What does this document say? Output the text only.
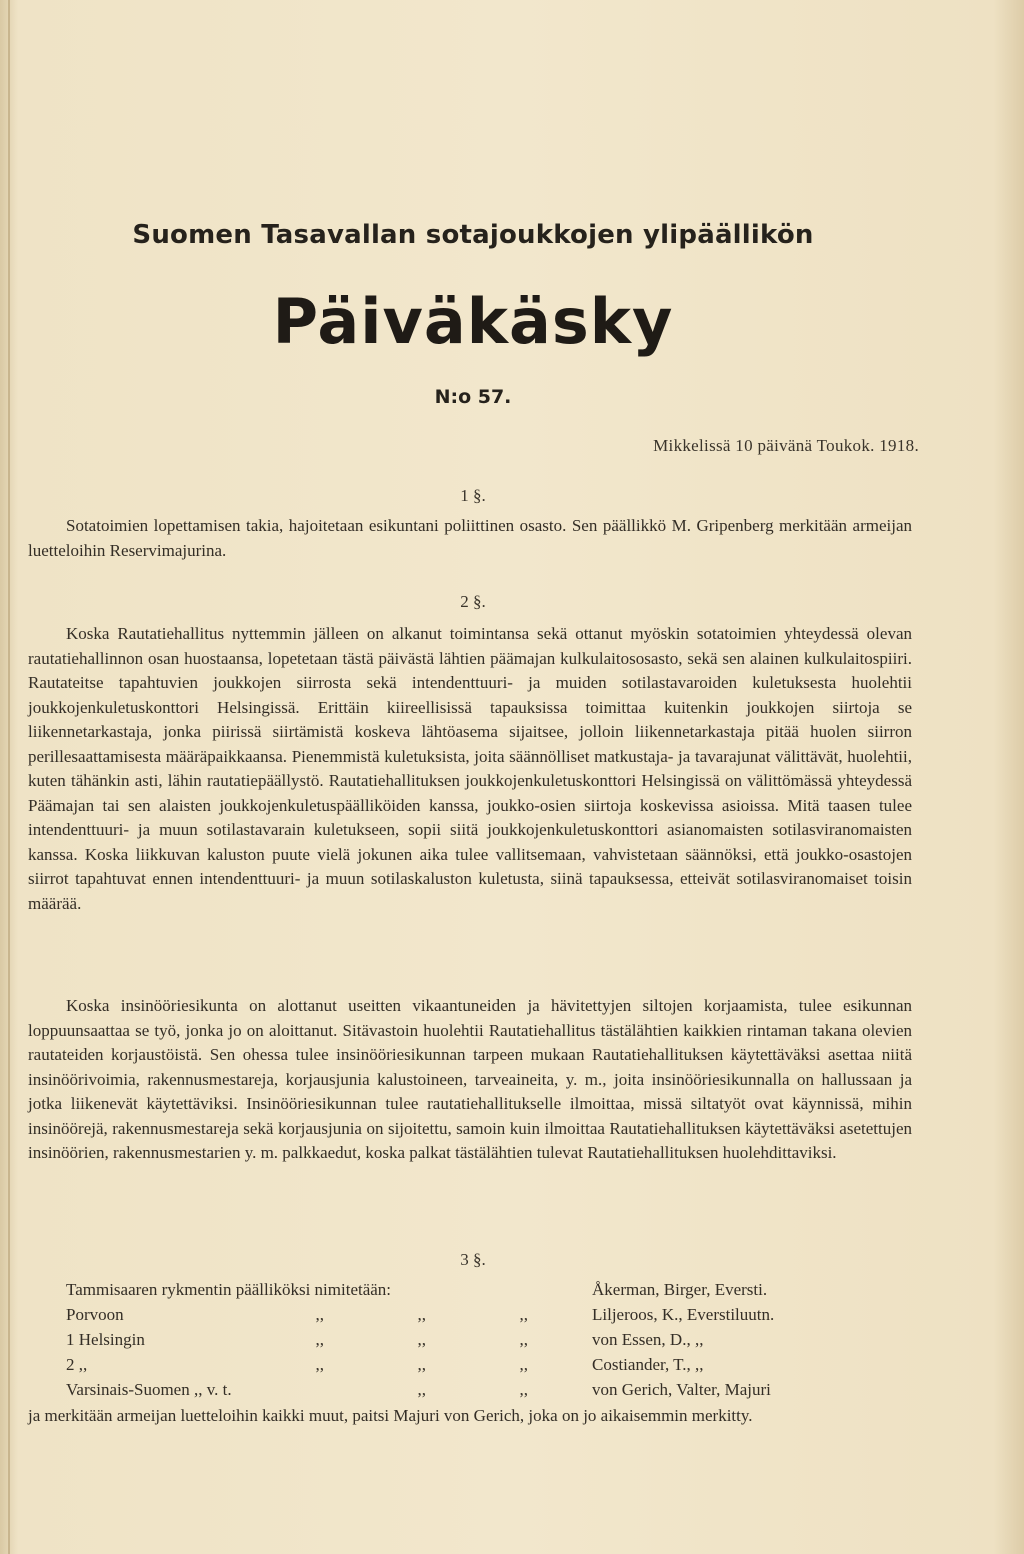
Suomen Tasavallan sotajoukkojen ylipäällikön
Päiväkäsky
N:o 57.
Mikkelissä 10 päivänä Toukok. 1918.
1 §.

Sotatoimien lopettamisen takia, hajoitetaan esikuntani poliittinen osasto. Sen päällikkö M. Gripenberg merkitään armeijan luetteloihin Reservimajurina.

2 §.

Koska Rautatiehallitus nyttemmin jälleen on alkanut toimintansa sekä ottanut myöskin sotatoimien yhteydessä olevan rautatiehallinnon osan huostaansa, lopetetaan tästä päivästä lähtien päämajan kulkulaitososasto, sekä sen alainen kulkulaitospiiri. Rautateitse tapahtuvien joukkojen siirrosta sekä intendenttuuri- ja muiden sotilastavaroiden kuletuksesta huolehtii joukkojenkuletuskonttori Helsingissä. Erittäin kiireellisissä tapauksissa toimittaa kuitenkin joukkojen siirtoja se liikennetarkastaja, jonka piirissä siirtämistä koskeva lähtöasema sijaitsee, jolloin liikennetarkastaja pitää huolen siirron perillesaattamisesta määräpaikkaansa. Pienemmistä kuletuksista, joita säännölliset matkustaja- ja tavarajunat välittävät, huolehtii, kuten tähänkin asti, lähin rautatiepäällystö. Rautatiehallituksen joukkojenkuletuskonttori Helsingissä on välittömässä yhteydessä Päämajan tai sen alaisten joukkojenkuletuspäälliköiden kanssa, joukko-osien siirtoja koskevissa asioissa. Mitä taasen tulee intendenttuuri- ja muun sotilastavarain kuletukseen, sopii siitä joukkojenkuletuskonttori asianomaisten sotilasviranomaisten kanssa. Koska liikkuvan kaluston puute vielä jokunen aika tulee vallitsemaan, vahvistetaan säännöksi, että joukko-osastojen siirrot tapahtuvat ennen intendenttuuri- ja muun sotilaskaluston kuletusta, siinä tapauksessa, etteivät sotilasviranomaiset toisin määrää.

Koska insinööriesikunta on alottanut useitten vikaantuneiden ja hävitettyjen siltojen korjaamista, tulee esikunnan loppuunsaattaa se työ, jonka jo on aloittanut. Sitävastoin huolehtii Rautatiehallitus tästälähtien kaikkien rintaman takana olevien rautateiden korjaustöistä. Sen ohessa tulee insinööriesikunnan tarpeen mukaan Rautatiehallituksen käytettäväksi asettaa niitä insinöörivoimia, rakennusmestareja, korjausjunia kalustoineen, tarveaineita, y. m., joita insinööriesikunnalla on hallussaan ja jotka liikenevät käytettäviksi. Insinööriesikunnan tulee rautatiehallitukselle ilmoittaa, missä siltatyöt ovat käynnissä, mihin insinöörejä, rakennusmestareja sekä korjausjunia on sijoitettu, samoin kuin ilmoittaa Rautatiehallituksen käytettäväksi asetettujen insinöörien, rakennusmestarien y. m. palkkaedut, koska palkat tästälähtien tulevat Rautatiehallituksen huolehdittaviksi.

3 §.
Tammisaaren rykmentin päälliköksi nimitetään:					Åkerman, Birger, Eversti.
Porvoon	,,	,,	,,		Liljeroos, K., Everstiluutn.
1 Helsingin	,,	,,	,,		von Essen, D., ,,
2 ,,	,,	,,	,,		Costiander, T., ,,
Varsinais-Suomen ,, v. t.		,,	,,		von Gerich, Valter, Majuri

ja merkitään armeijan luetteloihin kaikki muut, paitsi Majuri von Gerich, joka on jo aikaisemmin merkitty.
